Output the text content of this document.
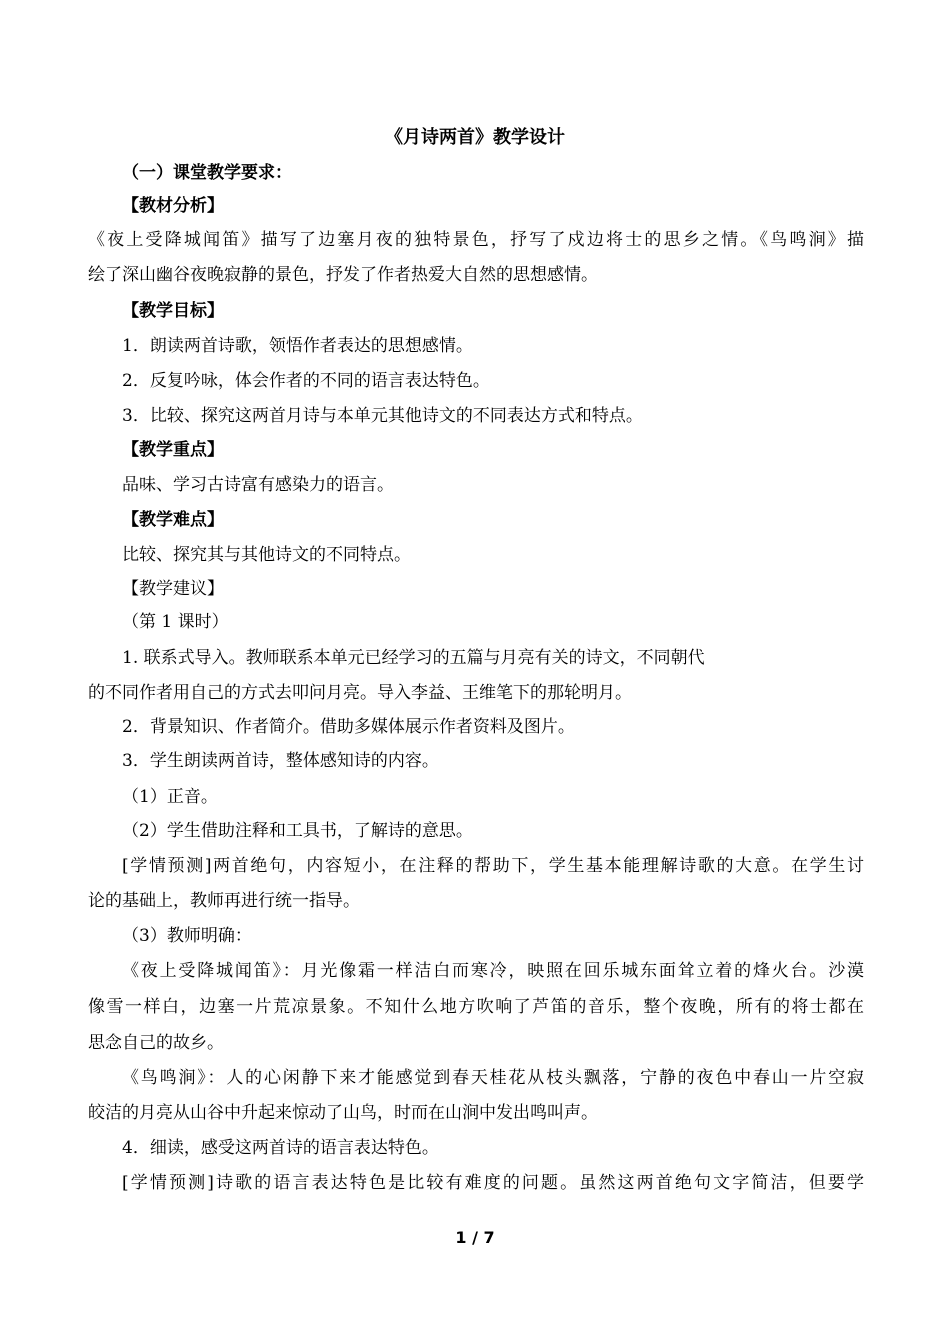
《月诗两首》教学设计
（一）课堂教学要求：
【教材分析】
《夜上受降城闻笛》描写了边塞月夜的独特景色，抒写了戍边将士的思乡之情。《鸟鸣涧》描
绘了深山幽谷夜晚寂静的景色，抒发了作者热爱大自然的思想感情。
【教学目标】
1．朗读两首诗歌，领悟作者表达的思想感情。
2．反复吟咏，体会作者的不同的语言表达特色。
3．比较、探究这两首月诗与本单元其他诗文的不同表达方式和特点。
【教学重点】
品味、学习古诗富有感染力的语言。
【教学难点】
比较、探究其与其他诗文的不同特点。
【教学建议】
（第 1 课时）
1. 联系式导入。教师联系本单元已经学习的五篇与月亮有关的诗文，不同朝代
的不同作者用自己的方式去叩问月亮。导入李益、王维笔下的那轮明月。
2．背景知识、作者简介。借助多媒体展示作者资料及图片。
3．学生朗读两首诗，整体感知诗的内容。
（1）正音。
（2）学生借助注释和工具书，了解诗的意思。
[学情预测]两首绝句，内容短小，在注释的帮助下，学生基本能理解诗歌的大意。在学生讨
论的基础上，教师再进行统一指导。
（3）教师明确：
《夜上受降城闻笛》：月光像霜一样洁白而寒冷，映照在回乐城东面耸立着的烽火台。沙漠
像雪一样白，边塞一片荒凉景象。不知什么地方吹响了芦笛的音乐，整个夜晚，所有的将士都在
思念自己的故乡。
《鸟鸣涧》：人的心闲静下来才能感觉到春天桂花从枝头飘落，宁静的夜色中春山一片空寂
皎洁的月亮从山谷中升起来惊动了山鸟，时而在山涧中发出鸣叫声。
4．细读，感受这两首诗的语言表达特色。
[学情预测]诗歌的语言表达特色是比较有难度的问题。虽然这两首绝句文字简洁，但要学
1 / 7
